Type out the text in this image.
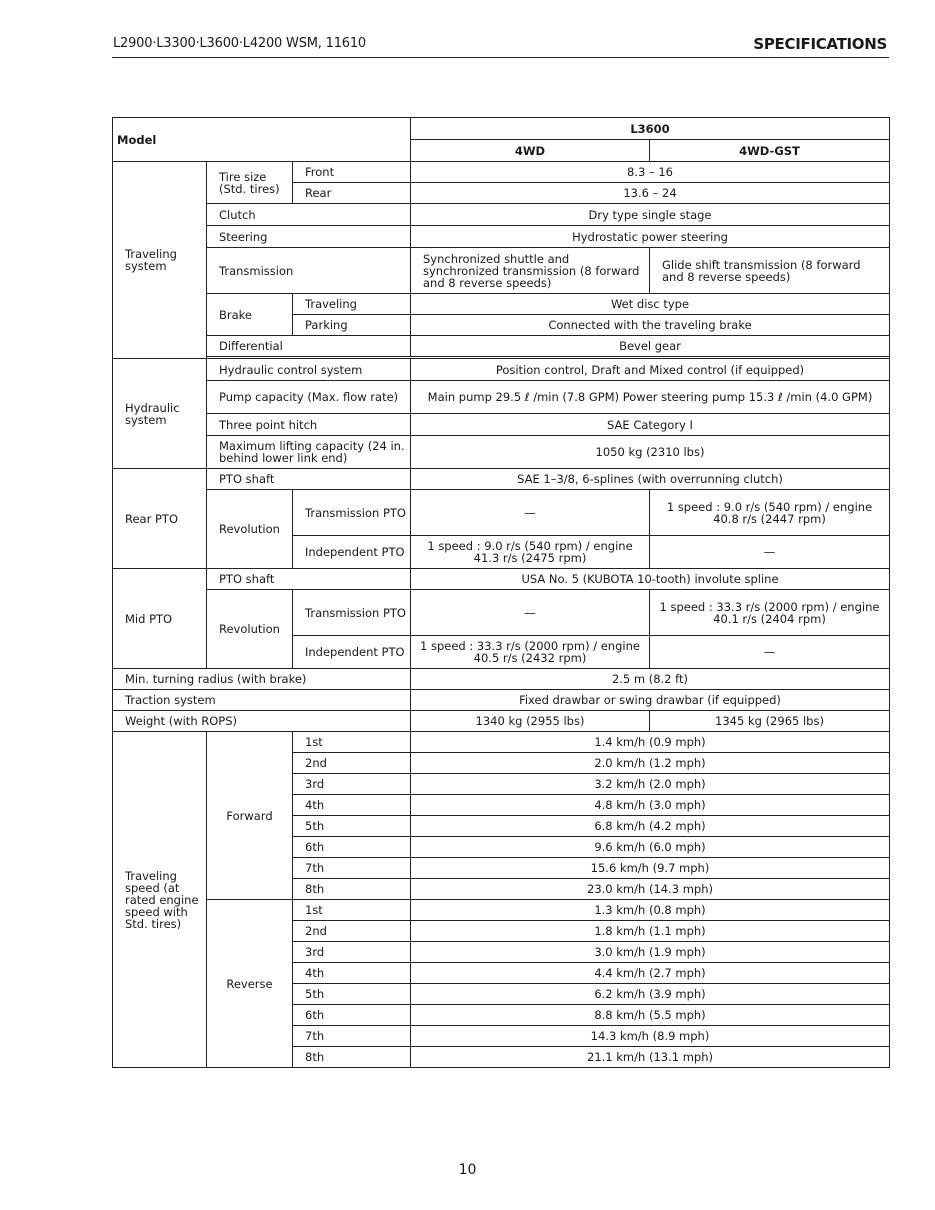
L2900·L3300·L3600·L4200 WSM, 11610	SPECIFICATIONS
Model			L3600	
			4WD	4WD-GST
Traveling system	Tire size (Std. tires)	Front	8.3 – 16	
		Rear	13.6 – 24	
	Clutch		Dry type single stage	
	Steering		Hydrostatic power steering	
	Transmission		Synchronized shuttle and synchronized transmission (8 forward and 8 reverse speeds)	Glide shift transmission (8 forward and 8 reverse speeds)
	Brake	Traveling	Wet disc type	
		Parking	Connected with the traveling brake	
	Differential		Bevel gear	

Hydraulic system	Hydraulic control system		Position control, Draft and Mixed control (if equipped)	
	Pump capacity (Max. flow rate)		Main pump 29.5 ℓ /min (7.8 GPM) Power steering pump 15.3 ℓ /min (4.0 GPM)	
	Three point hitch		SAE Category Ⅰ	
	Maximum lifting capacity (24 in. behind lower link end)		1050 kg (2310 lbs)	
Rear PTO	PTO shaft		SAE 1–3/8, 6-splines (with overrunning clutch)	
	Revolution	Transmission PTO	—	1 speed : 9.0 r/s (540 rpm) / engine 40.8 r/s (2447 rpm)
		Independent PTO	1 speed : 9.0 r/s (540 rpm) / engine 41.3 r/s (2475 rpm)	—
Mid PTO	PTO shaft		USA No. 5 (KUBOTA 10-tooth) involute spline	
	Revolution	Transmission PTO	—	1 speed : 33.3 r/s (2000 rpm) / engine 40.1 r/s (2404 rpm)
		Independent PTO	1 speed : 33.3 r/s (2000 rpm) / engine 40.5 r/s (2432 rpm)	—
Min. turning radius (with brake)			2.5 m (8.2 ft)	
Traction system			Fixed drawbar or swing drawbar (if equipped)	
Weight (with ROPS)			1340 kg (2955 lbs)	1345 kg (2965 lbs)
Traveling speed (at rated engine speed with Std. tires)	Forward	1st	1.4 km/h (0.9 mph)	
		2nd	2.0 km/h (1.2 mph)	
		3rd	3.2 km/h (2.0 mph)	
		4th	4.8 km/h (3.0 mph)	
		5th	6.8 km/h (4.2 mph)	
		6th	9.6 km/h (6.0 mph)	
		7th	15.6 km/h (9.7 mph)	
		8th	23.0 km/h (14.3 mph)	
	Reverse	1st	1.3 km/h (0.8 mph)	
		2nd	1.8 km/h (1.1 mph)	
		3rd	3.0 km/h (1.9 mph)	
		4th	4.4 km/h (2.7 mph)	
		5th	6.2 km/h (3.9 mph)	
		6th	8.8 km/h (5.5 mph)	
		7th	14.3 km/h (8.9 mph)	
		8th	21.1 km/h (13.1 mph)	
10
